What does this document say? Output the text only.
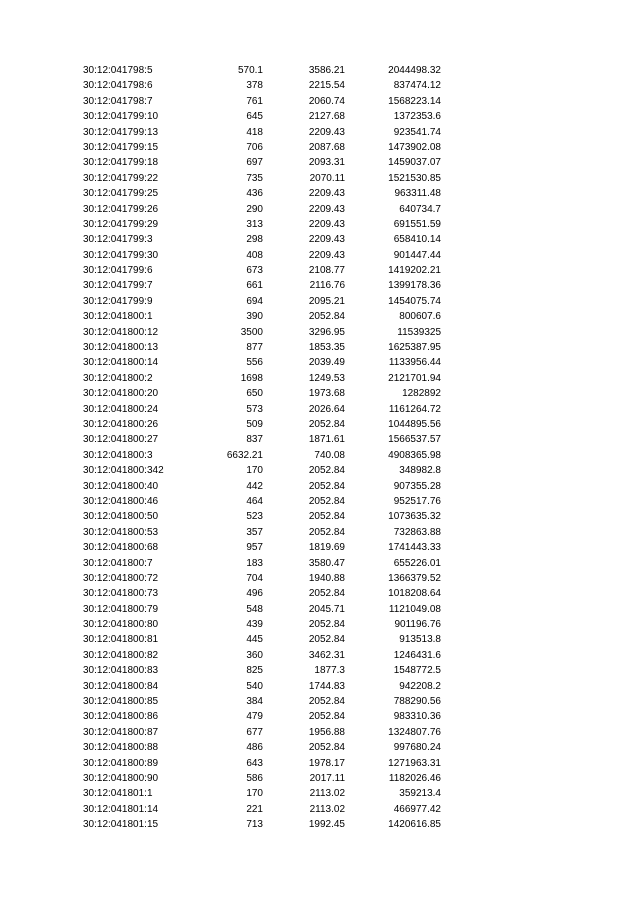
30:12:041798:5	570.1	3586.21	2044498.32
30:12:041798:6	378	2215.54	837474.12
30:12:041798:7	761	2060.74	1568223.14
30:12:041799:10	645	2127.68	1372353.6
30:12:041799:13	418	2209.43	923541.74
30:12:041799:15	706	2087.68	1473902.08
30:12:041799:18	697	2093.31	1459037.07
30:12:041799:22	735	2070.11	1521530.85
30:12:041799:25	436	2209.43	963311.48
30:12:041799:26	290	2209.43	640734.7
30:12:041799:29	313	2209.43	691551.59
30:12:041799:3	298	2209.43	658410.14
30:12:041799:30	408	2209.43	901447.44
30:12:041799:6	673	2108.77	1419202.21
30:12:041799:7	661	2116.76	1399178.36
30:12:041799:9	694	2095.21	1454075.74
30:12:041800:1	390	2052.84	800607.6
30:12:041800:12	3500	3296.95	11539325
30:12:041800:13	877	1853.35	1625387.95
30:12:041800:14	556	2039.49	1133956.44
30:12:041800:2	1698	1249.53	2121701.94
30:12:041800:20	650	1973.68	1282892
30:12:041800:24	573	2026.64	1161264.72
30:12:041800:26	509	2052.84	1044895.56
30:12:041800:27	837	1871.61	1566537.57
30:12:041800:3	6632.21	740.08	4908365.98
30:12:041800:342	170	2052.84	348982.8
30:12:041800:40	442	2052.84	907355.28
30:12:041800:46	464	2052.84	952517.76
30:12:041800:50	523	2052.84	1073635.32
30:12:041800:53	357	2052.84	732863.88
30:12:041800:68	957	1819.69	1741443.33
30:12:041800:7	183	3580.47	655226.01
30:12:041800:72	704	1940.88	1366379.52
30:12:041800:73	496	2052.84	1018208.64
30:12:041800:79	548	2045.71	1121049.08
30:12:041800:80	439	2052.84	901196.76
30:12:041800:81	445	2052.84	913513.8
30:12:041800:82	360	3462.31	1246431.6
30:12:041800:83	825	1877.3	1548772.5
30:12:041800:84	540	1744.83	942208.2
30:12:041800:85	384	2052.84	788290.56
30:12:041800:86	479	2052.84	983310.36
30:12:041800:87	677	1956.88	1324807.76
30:12:041800:88	486	2052.84	997680.24
30:12:041800:89	643	1978.17	1271963.31
30:12:041800:90	586	2017.11	1182026.46
30:12:041801:1	170	2113.02	359213.4
30:12:041801:14	221	2113.02	466977.42
30:12:041801:15	713	1992.45	1420616.85
